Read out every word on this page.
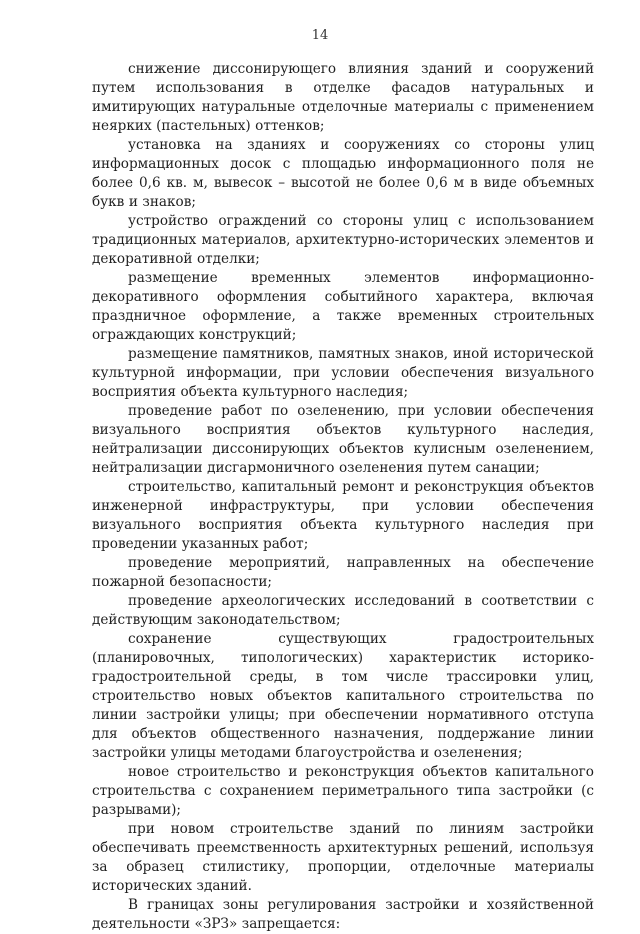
14

снижение диссонирующего влияния зданий и сооружений путем использования в отделке фасадов натуральных и имитирующих натуральные отделочные материалы с применением неярких (пастельных) оттенков;

установка на зданиях и сооружениях со стороны улиц информационных досок с площадью информационного поля не более 0,6 кв. м, вывесок – высотой не более 0,6 м в виде объемных букв и знаков;

устройство ограждений со стороны улиц с использованием традиционных материалов, архитектурно-исторических элементов и декоративной отделки;

размещение временных элементов информационно-декоративного оформления событийного характера, включая праздничное оформление, а также временных строительных ограждающих конструкций;

размещение памятников, памятных знаков, иной исторической культурной информации, при условии обеспечения визуального восприятия объекта культурного наследия;

проведение работ по озеленению, при условии обеспечения визуального восприятия объектов культурного наследия, нейтрализации диссонирующих объектов кулисным озеленением, нейтрализации дисгармоничного озеленения путем санации;

строительство, капитальный ремонт и реконструкция объектов инженерной инфраструктуры, при условии обеспечения визуального восприятия объекта культурного наследия при проведении указанных работ;

проведение мероприятий, направленных на обеспечение пожарной безопасности;

проведение археологических исследований в соответствии с действующим законодательством;

сохранение существующих градостроительных (планировочных, типологических) характеристик историко-градостроительной среды, в том числе трассировки улиц, строительство новых объектов капитального строительства по линии застройки улицы; при обеспечении нормативного отступа для объектов общественного назначения, поддержание линии застройки улицы методами благоустройства и озеленения;

новое строительство и реконструкция объектов капитального строительства с сохранением периметрального типа застройки (с разрывами);

при новом строительстве зданий по линиям застройки обеспечивать преемственность архитектурных решений, используя за образец стилистику, пропорции, отделочные материалы исторических зданий.

В границах зоны регулирования застройки и хозяйственной деятельности «ЗРЗ» запрещается:
